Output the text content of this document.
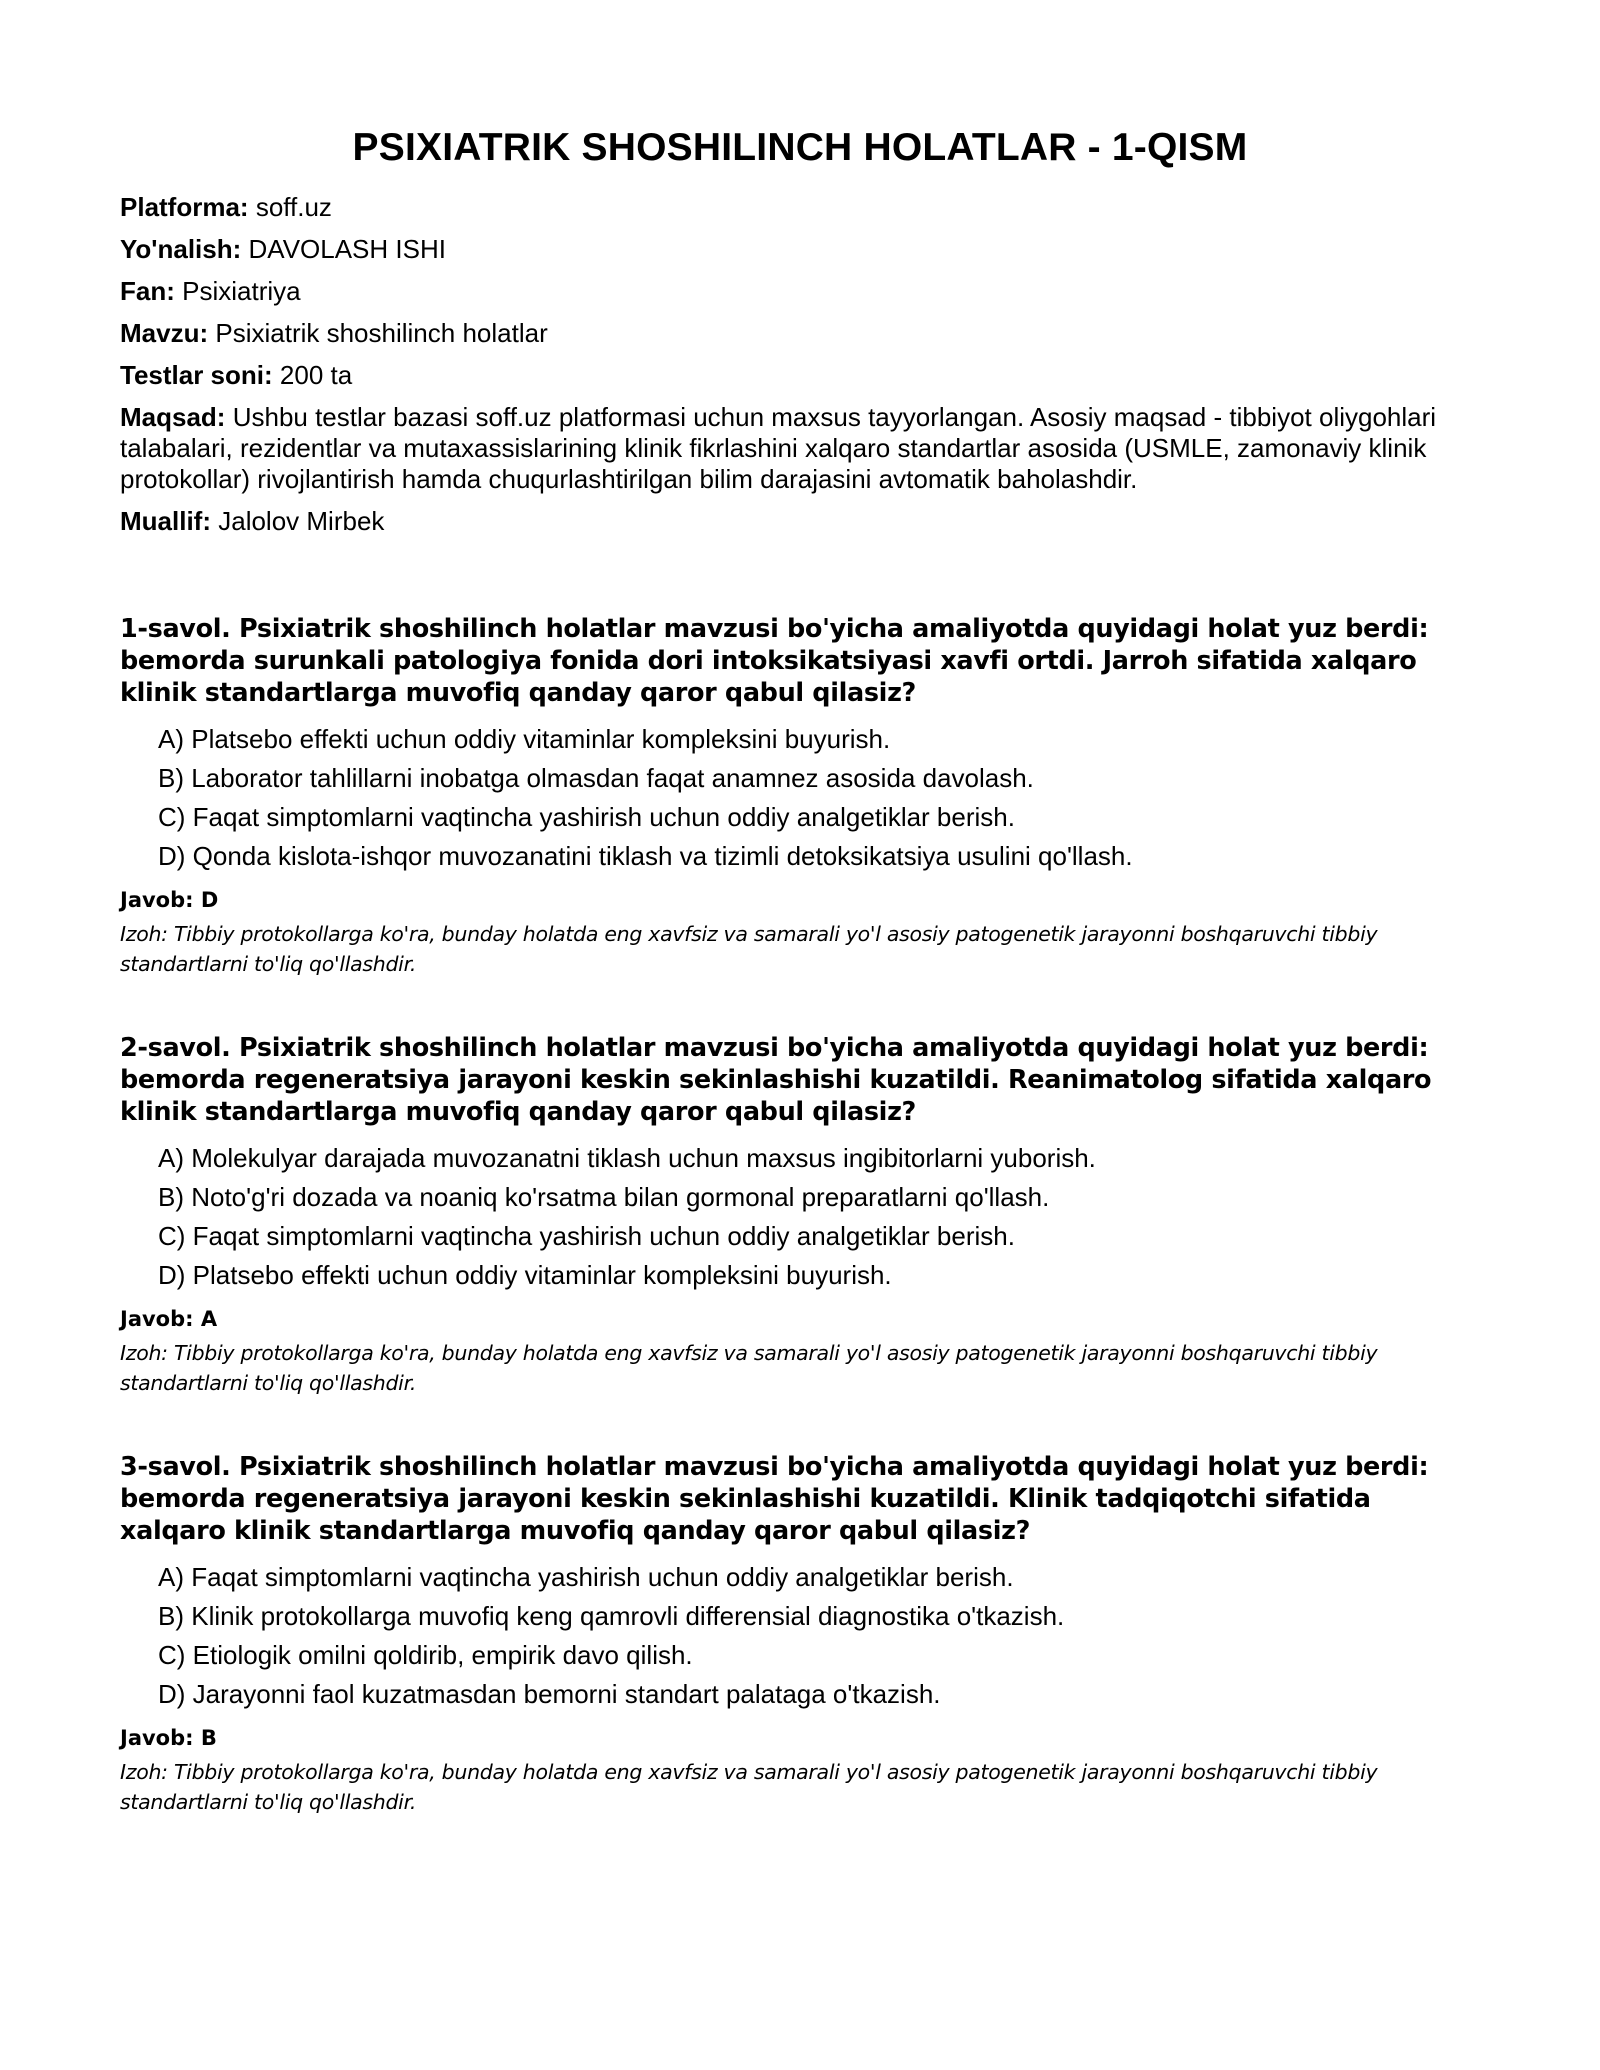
PSIXIATRIK SHOSHILINCH HOLATLAR - 1-QISM
Platforma: soff.uz
Yo'nalish: DAVOLASH ISHI
Fan: Psixiatriya
Mavzu: Psixiatrik shoshilinch holatlar
Testlar soni: 200 ta
Maqsad: Ushbu testlar bazasi soff.uz platformasi uchun maxsus tayyorlangan. Asosiy maqsad - tibbiyot oliygohlari talabalari, rezidentlar va mutaxassislarining klinik fikrlashini xalqaro standartlar asosida (USMLE, zamonaviy klinik protokollar) rivojlantirish hamda chuqurlashtirilgan bilim darajasini avtomatik baholashdir.
Muallif: Jalolov Mirbek

1-savol. Psixiatrik shoshilinch holatlar mavzusi bo'yicha amaliyotda quyidagi holat yuz berdi: bemorda surunkali patologiya fonida dori intoksikatsiyasi xavfi ortdi. Jarroh sifatida xalqaro klinik standartlarga muvofiq qanday qaror qabul qilasiz?

A) Platsebo effekti uchun oddiy vitaminlar kompleksini buyurish.
B) Laborator tahlillarni inobatga olmasdan faqat anamnez asosida davolash.
C) Faqat simptomlarni vaqtincha yashirish uchun oddiy analgetiklar berish.
D) Qonda kislota-ishqor muvozanatini tiklash va tizimli detoksikatsiya usulini qo'llash.
Javob: D
Izoh: Tibbiy protokollarga ko'ra, bunday holatda eng xavfsiz va samarali yo'l asosiy patogenetik jarayonni boshqaruvchi tibbiy standartlarni to'liq qo'llashdir.

2-savol. Psixiatrik shoshilinch holatlar mavzusi bo'yicha amaliyotda quyidagi holat yuz berdi: bemorda regeneratsiya jarayoni keskin sekinlashishi kuzatildi. Reanimatolog sifatida xalqaro klinik standartlarga muvofiq qanday qaror qabul qilasiz?

A) Molekulyar darajada muvozanatni tiklash uchun maxsus ingibitorlarni yuborish.
B) Noto'g'ri dozada va noaniq ko'rsatma bilan gormonal preparatlarni qo'llash.
C) Faqat simptomlarni vaqtincha yashirish uchun oddiy analgetiklar berish.
D) Platsebo effekti uchun oddiy vitaminlar kompleksini buyurish.
Javob: A
Izoh: Tibbiy protokollarga ko'ra, bunday holatda eng xavfsiz va samarali yo'l asosiy patogenetik jarayonni boshqaruvchi tibbiy standartlarni to'liq qo'llashdir.

3-savol. Psixiatrik shoshilinch holatlar mavzusi bo'yicha amaliyotda quyidagi holat yuz berdi: bemorda regeneratsiya jarayoni keskin sekinlashishi kuzatildi. Klinik tadqiqotchi sifatida xalqaro klinik standartlarga muvofiq qanday qaror qabul qilasiz?

A) Faqat simptomlarni vaqtincha yashirish uchun oddiy analgetiklar berish.
B) Klinik protokollarga muvofiq keng qamrovli differensial diagnostika o'tkazish.
C) Etiologik omilni qoldirib, empirik davo qilish.
D) Jarayonni faol kuzatmasdan bemorni standart palataga o'tkazish.
Javob: B
Izoh: Tibbiy protokollarga ko'ra, bunday holatda eng xavfsiz va samarali yo'l asosiy patogenetik jarayonni boshqaruvchi tibbiy standartlarni to'liq qo'llashdir.
